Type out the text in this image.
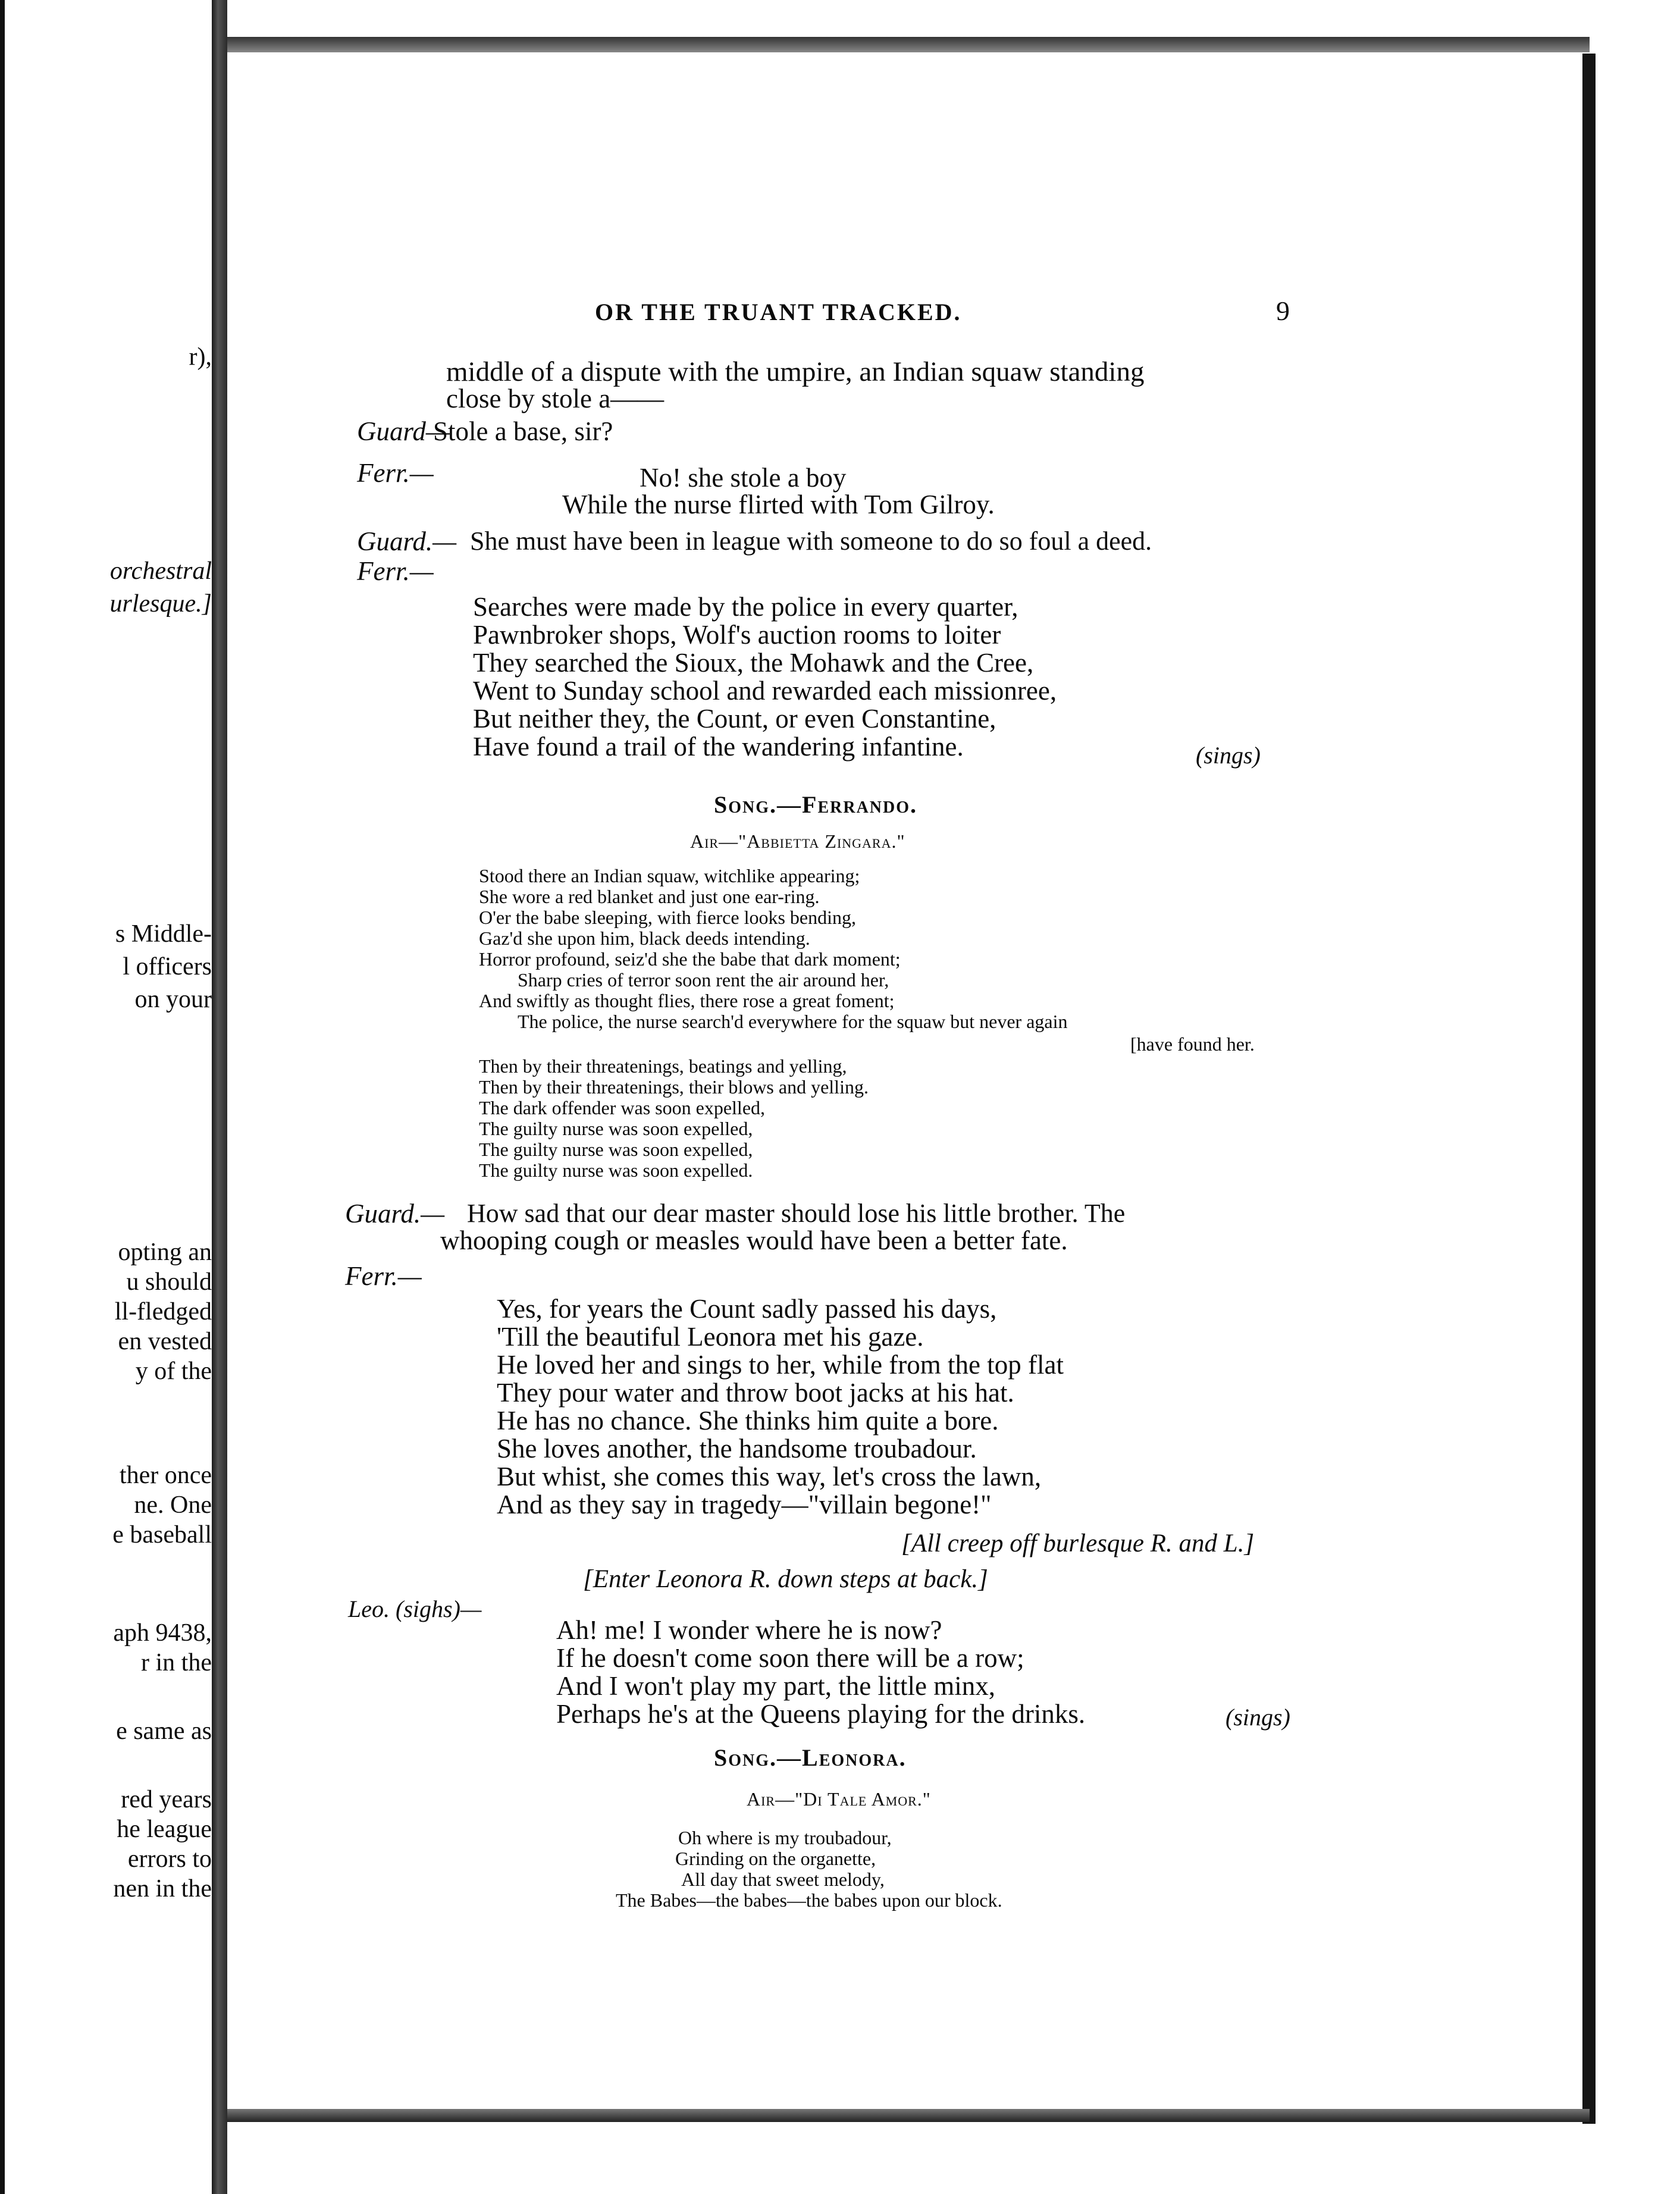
r),
orchestral
urlesque.]
s Middle-
l officers
on your
opting an
u should
ll-fledged
en vested
y of the
ther once
ne. One
e baseball
aph 9438,
r in the
e same as
red years
he league
errors to
nen in the
OR THE TRUANT TRACKED.	9
middle of a dispute with the umpire, an Indian squaw standing
close by stole a——
Guard—
Stole a base, sir?
Ferr.—	No! she stole a boy
While the nurse flirted with Tom Gilroy.
Guard.— She must have been in league with someone to do so foul a deed.
Ferr.—
Searches were made by the police in every quarter,
Pawnbroker shops, Wolf's auction rooms to loiter
They searched the Sioux, the Mohawk and the Cree,
Went to Sunday school and rewarded each missionree,
But neither they, the Count, or even Constantine,
Have found a trail of the wandering infantine.	(sings)
Song.—Ferrando.
Air—"Abbietta Zingara."
Stood there an Indian squaw, witchlike appearing;
She wore a red blanket and just one ear-ring.
O'er the babe sleeping, with fierce looks bending,
Gaz'd she upon him, black deeds intending.
Horror profound, seiz'd she the babe that dark moment;
Sharp cries of terror soon rent the air around her,
And swiftly as thought flies, there rose a great foment;
The police, the nurse search'd everywhere for the squaw but never again
[have found her.
Then by their threatenings, beatings and yelling,
Then by their threatenings, their blows and yelling.
The dark offender was soon expelled,
The guilty nurse was soon expelled,
The guilty nurse was soon expelled,
The guilty nurse was soon expelled.
Guard.— How sad that our dear master should lose his little brother. The
whooping cough or measles would have been a better fate.
Ferr.—
Yes, for years the Count sadly passed his days,
'Till the beautiful Leonora met his gaze.
He loved her and sings to her, while from the top flat
They pour water and throw boot jacks at his hat.
He has no chance. She thinks him quite a bore.
She loves another, the handsome troubadour.
But whist, she comes this way, let's cross the lawn,
And as they say in tragedy—"villain begone!"
[All creep off burlesque R. and L.]
[Enter Leonora R. down steps at back.]
Leo. (sighs)—
Ah! me! I wonder where he is now?
If he doesn't come soon there will be a row;
And I won't play my part, the little minx,
Perhaps he's at the Queens playing for the drinks.	(sings)
Song.—Leonora.
Air—"Di Tale Amor."
Oh where is my troubadour,
Grinding on the organette,
All day that sweet melody,
The Babes—the babes—the babes upon our block.
